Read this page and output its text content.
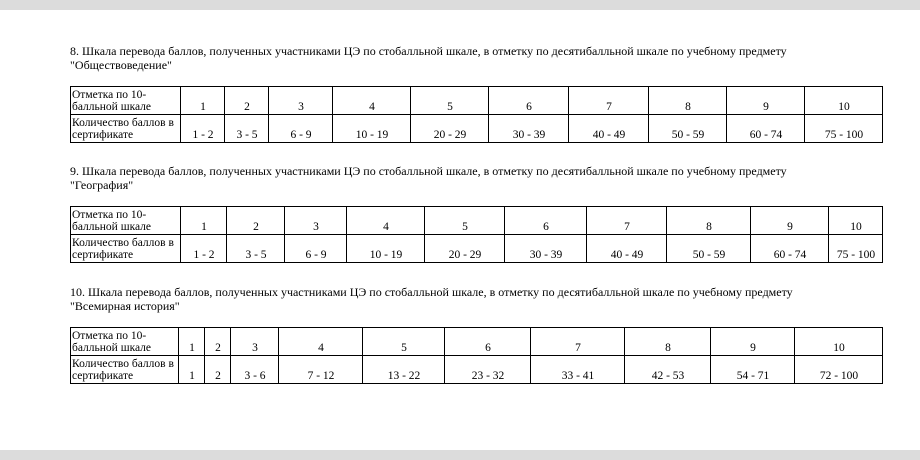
8. Шкала перевода баллов, полученных участниками ЦЭ по стобалльной шкале, в отметку по десятибалльной шкале по учебному предмету
"Обществоведение"
Отметка по 10-балльной шкале	1	2	3	4	5	6	7	8	9	10
Количество баллов в сертификате	1 - 2	3 - 5	6 - 9	10 - 19	20 - 29	30 - 39	40 - 49	50 - 59	60 - 74	75 - 100
9. Шкала перевода баллов, полученных участниками ЦЭ по стобалльной шкале, в отметку по десятибалльной шкале по учебному предмету
"География"
Отметка по 10-балльной шкале	1	2	3	4	5	6	7	8	9	10
Количество баллов в сертификате	1 - 2	3 - 5	6 - 9	10 - 19	20 - 29	30 - 39	40 - 49	50 - 59	60 - 74	75 - 100
10. Шкала перевода баллов, полученных участниками ЦЭ по стобалльной шкале, в отметку по десятибалльной шкале по учебному предмету
"Всемирная история"
Отметка по 10-балльной шкале	1	2	3	4	5	6	7	8	9	10
Количество баллов в сертификате	1	2	3 - 6	7 - 12	13 - 22	23 - 32	33 - 41	42 - 53	54 - 71	72 - 100
